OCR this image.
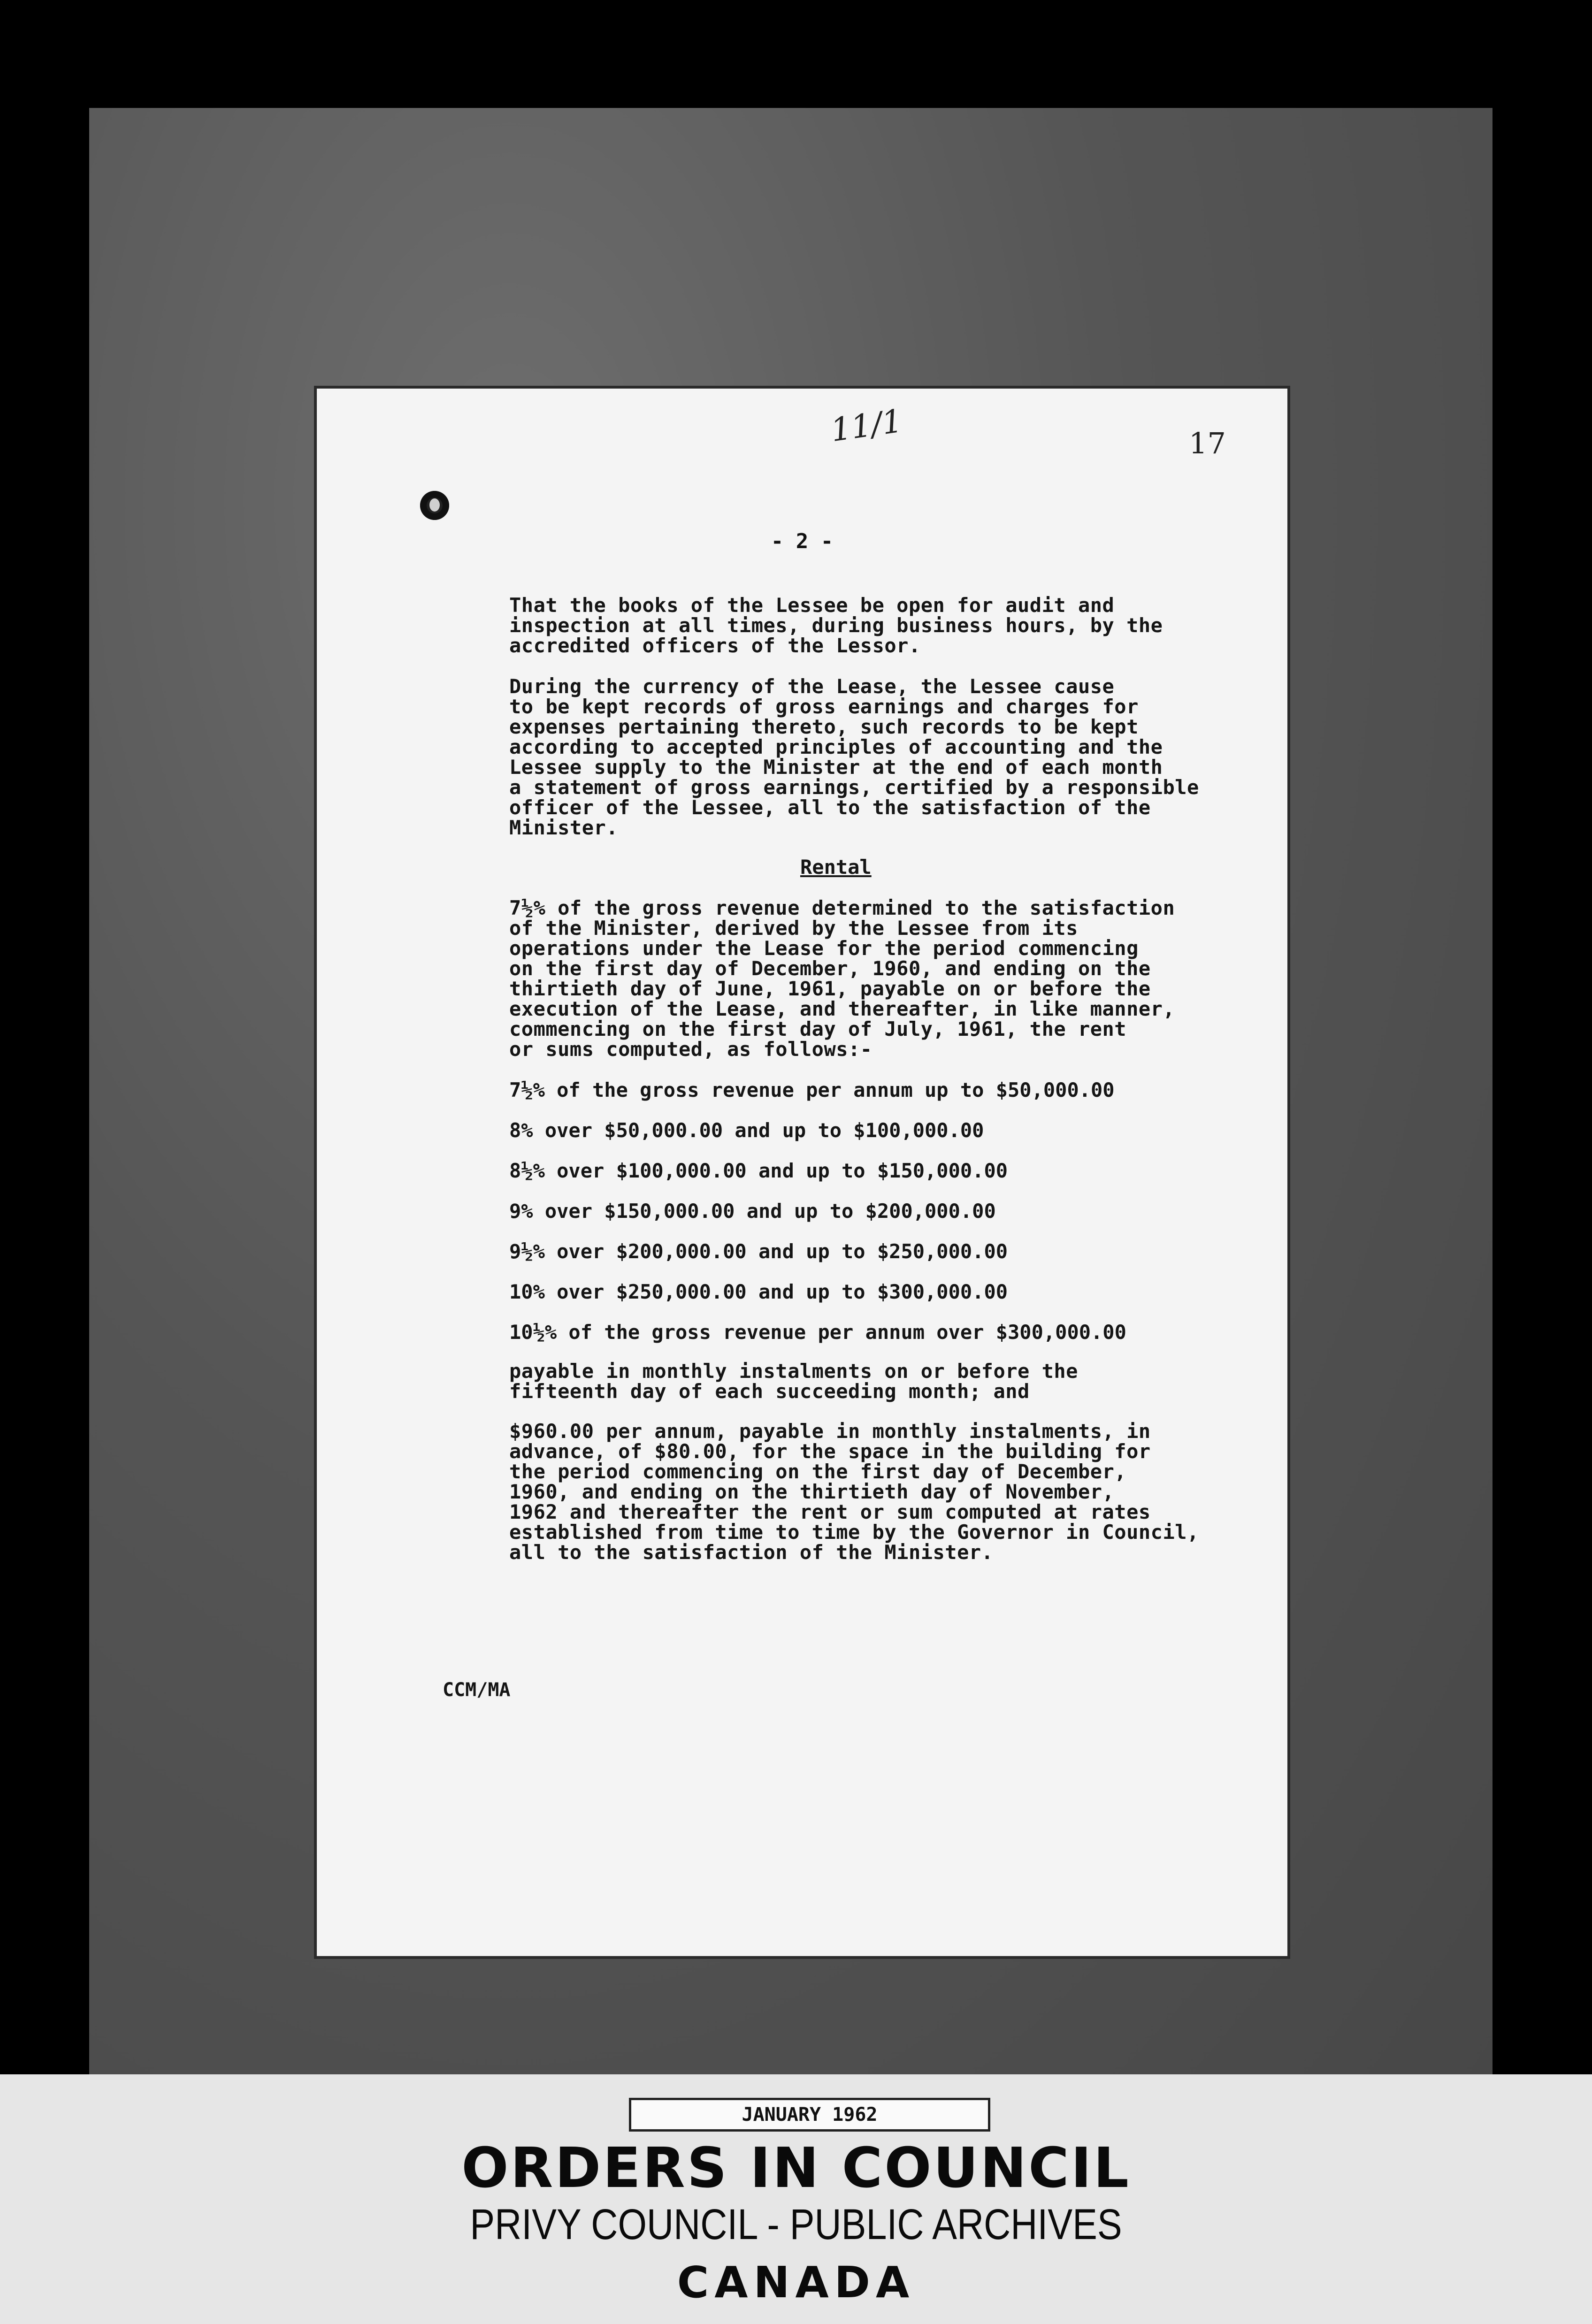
11/1	17
- 2 -
That the books of the Lessee be open for audit and
inspection at all times, during business hours, by the
accredited officers of the Lessor.
During the currency of the Lease, the Lessee cause
to be kept records of gross earnings and charges for
expenses pertaining thereto, such records to be kept
according to accepted principles of accounting and the
Lessee supply to the Minister at the end of each month
a statement of gross earnings, certified by a responsible
officer of the Lessee, all to the satisfaction of the
Minister.
Rental
7½% of the gross revenue determined to the satisfaction
of the Minister, derived by the Lessee from its
operations under the Lease for the period commencing
on the first day of December, 1960, and ending on the
thirtieth day of June, 1961, payable on or before the
execution of the Lease, and thereafter, in like manner,
commencing on the first day of July, 1961, the rent
or sums computed, as follows:-
7½% of the gross revenue per annum up to $50,000.00
8% over $50,000.00 and up to $100,000.00
8½% over $100,000.00 and up to $150,000.00
9% over $150,000.00 and up to $200,000.00
9½% over $200,000.00 and up to $250,000.00
10% over $250,000.00 and up to $300,000.00
10½% of the gross revenue per annum over $300,000.00
payable in monthly instalments on or before the
fifteenth day of each succeeding month; and
$960.00 per annum, payable in monthly instalments, in
advance, of $80.00, for the space in the building for
the period commencing on the first day of December,
1960, and ending on the thirtieth day of November,
1962 and thereafter the rent or sum computed at rates
established from time to time by the Governor in Council,
all to the satisfaction of the Minister.
CCM/MA
JANUARY 1962
ORDERS IN COUNCIL
PRIVY COUNCIL - PUBLIC ARCHIVES
CANADA
